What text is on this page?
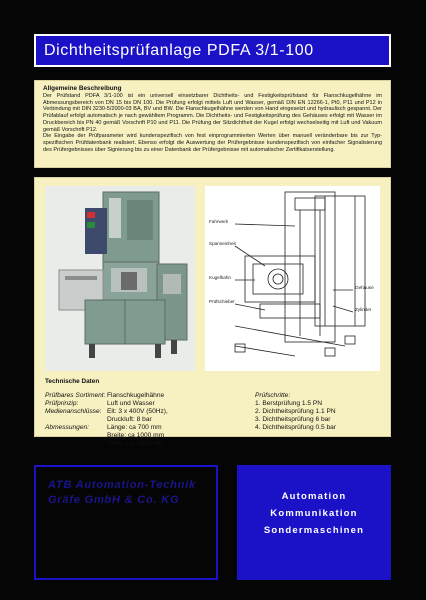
Dichtheitsprüfanlage PDFA 3/1-100
Allgemeine Beschreibung

Der Prüfstand PDFA 3/1-100 ist ein universell einsetzbarer Dichtheits- und Festigkeitsprüfstand für Flanschkugelhähne im Abmessungsbereich von DN 15 bis DN 100. Die Prüfung erfolgt mittels Luft und Wasser, gemäß DIN EN 12266-1, Pt0, P11 und P12 in Verbindung mit DIN 3230-5/2000-03 BA, BV und BW. Die Flanschkugelhähne werden von Hand eingesetzt und hydraulisch gespannt. Der Prüfablauf erfolgt automatisch je nach gewähltem Programm. Die Dichtheits- und Festigkeitsprüfung des Gehäuses erfolgt mit Wasser im Druckbereich bis PN 40 gemäß Vorschrift P10 und P11. Die Prüfung der Sitzdichtheit der Kugel erfolgt wechselseitig mit Luft und Vakuum gemäß Vorschrift P12.

Die Eingabe der Prüfparameter wird kundenspezifisch von fest einprogrammierten Werten über manuell veränderbare bis zur Typ-spezifischen Prüfdatenbank realisiert. Ebenso erfolgt die Auswertung der Prüfergebnisse kundenspezifisch von einfacher Signalisierung des Prüfergebnisses über Signierung bis zu einer Datenbank der Prüfergebnisse mit automatischer Zertifikatserstellung.

Fahrwerk
Spanneinheit
Kugelhahn
Prüfschieber
Gehäuse
Zylinder
Technische Daten
Prüfbares Sortiment: Flanschkugelhähne
Prüfprinzip:	Luft und Wasser
Medienanschlüsse: Elt: 3 x 400V (50Hz),
Druckluft: 8 bar
Abmessungen:	Länge: ca 700 mm
Breite: ca 1000 mm
Höhe: ca. 2000 mm
Prüfschritte:
1. Berstprüfung 1.5 PN
2. Dichtheitsprüfung 1.1 PN
3. Dichtheitsprüfung 6 bar
4. Dichtheitsprüfung 0.5 bar
ATB Automation-Technik
Gräfe GmbH & Co. KG	Automation
Kommunikation
Sondermaschinen
